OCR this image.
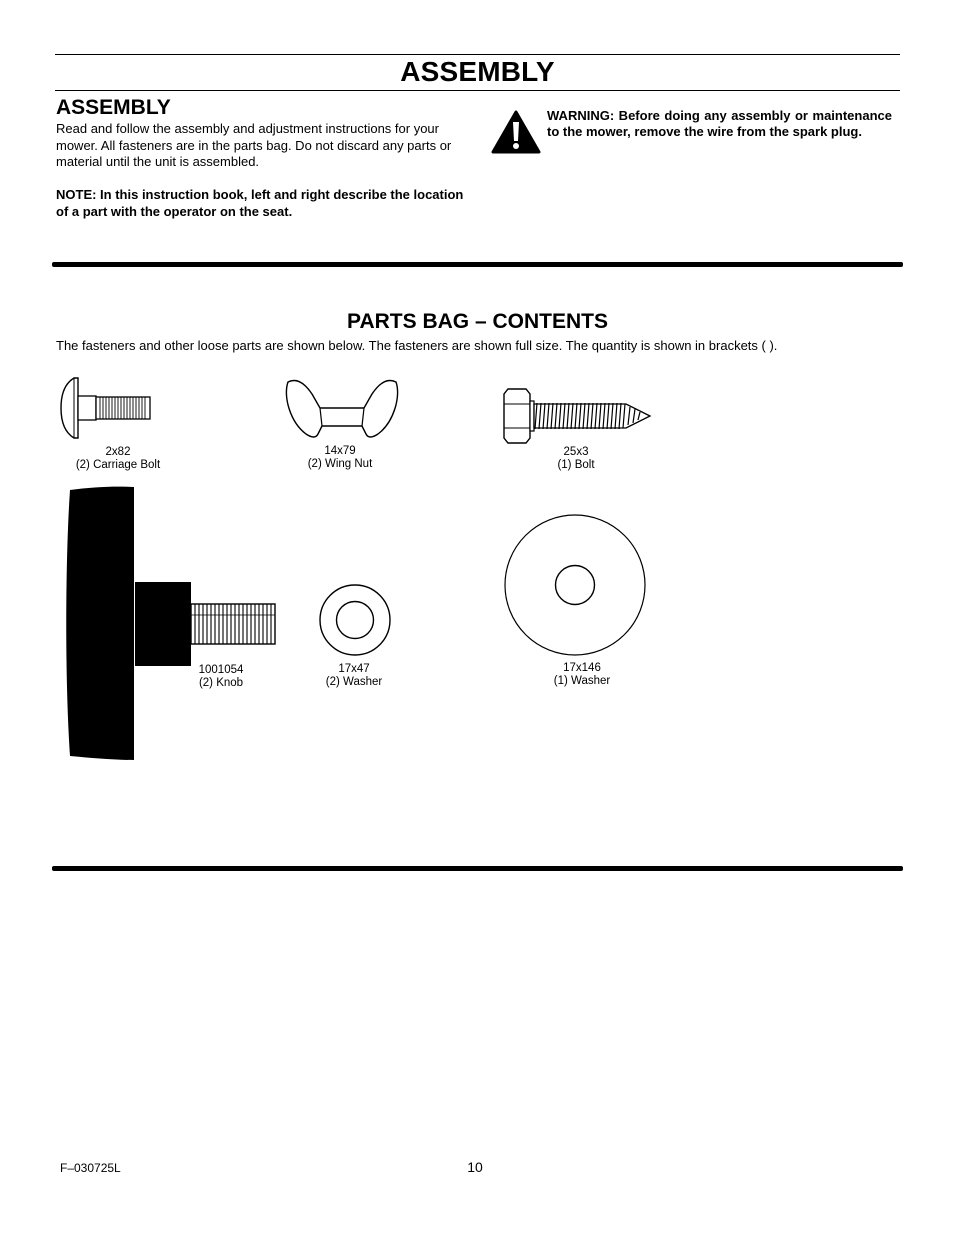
ASSEMBLY
ASSEMBLY
Read and follow the assembly and adjustment instructions for your mower. All fasteners are in the parts bag. Do not discard any parts or material until the unit is assembled.
NOTE: In this instruction book, left and right describe the location of a part with the operator on the seat.
WARNING: Before doing any assembly or maintenance to the mower, remove the wire from the spark plug.
PARTS BAG – CONTENTS
The fasteners and other loose parts are shown below. The fasteners are shown full size. The quantity is shown in brackets ( ).
2x82
(2) Carriage Bolt
14x79
(2) Wing Nut
25x3
(1) Bolt
1001054
(2) Knob
17x47
(2) Washer
17x146
(1) Washer
F–030725L	10
